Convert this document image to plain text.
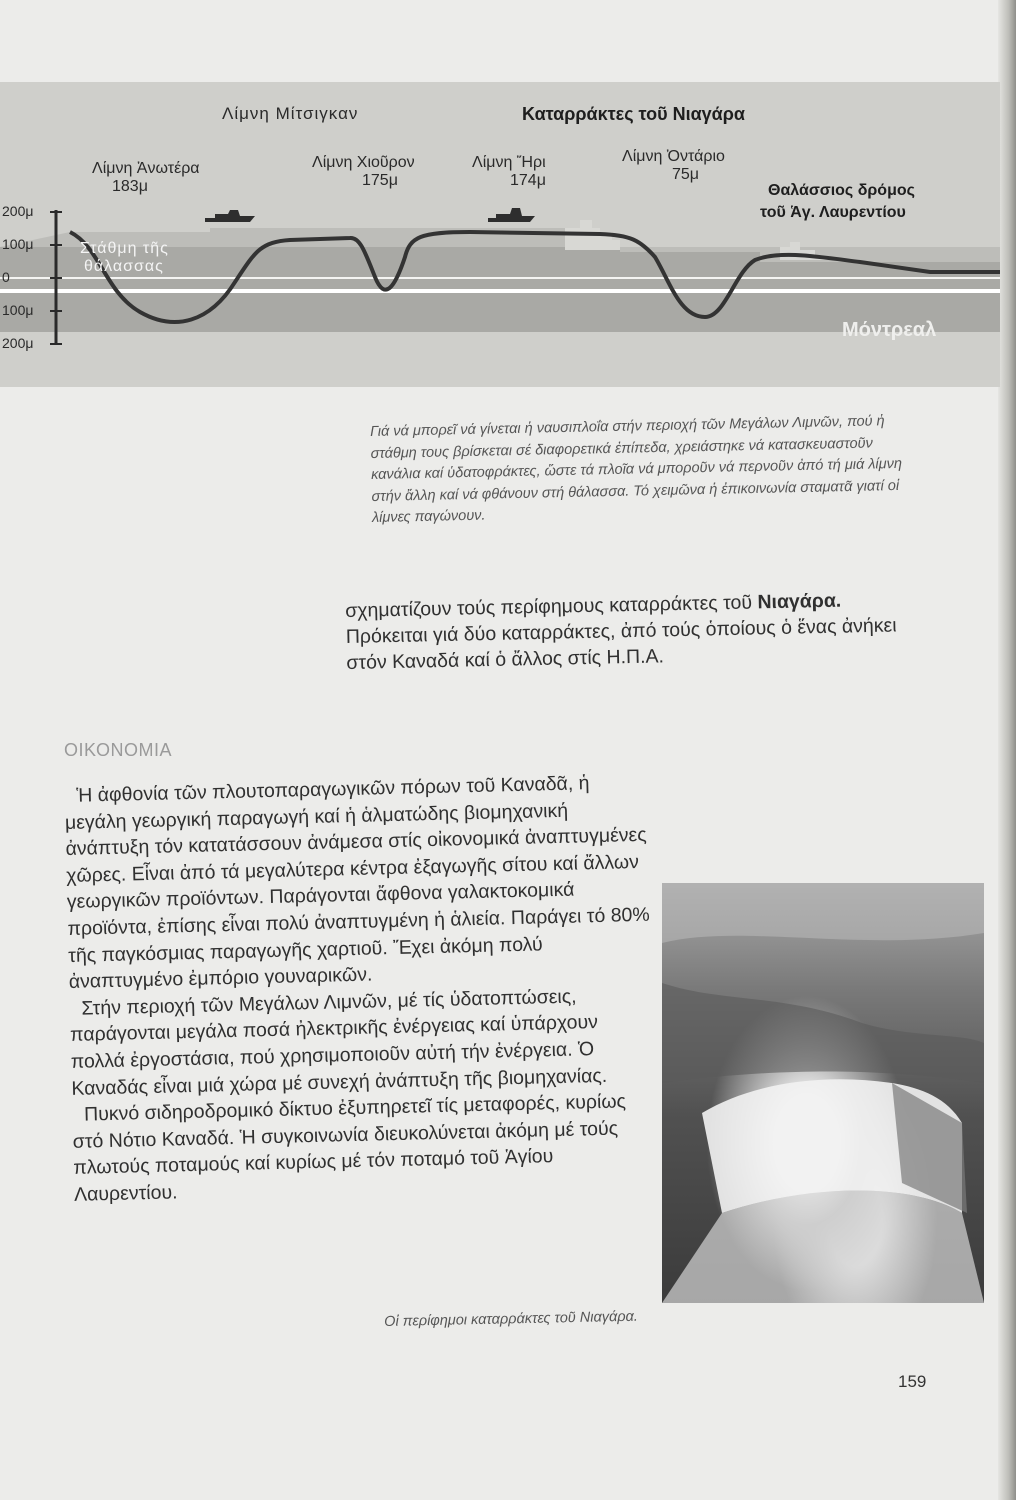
Λίμνη Μίτσιγκαν	Καταρράκτες τοῦ Νιαγάρα
Λίμνη Ἀνωτέρα
183μ
Λίμνη Χιοῦρον
175μ
Λίμνη Ἤρι
174μ
Λίμνη Ὀντάριο
75μ
Θαλάσσιος δρόμος
τοῦ Ἁγ. Λαυρεντίου
Στάθμη τῆς
θάλασσας
Μόντρεαλ
200μ
100μ
0
100μ
200μ
Γιά νά μπορεῖ νά γίνεται ἡ ναυσιπλοΐα στήν περιοχή τῶν Μεγάλων Λιμνῶν, πού ἡ στάθμη τους βρίσκεται σέ διαφορετικά ἐπίπεδα, χρειάστηκε νά κατασκευαστοῦν κανάλια καί ὑδατοφράκτες, ὥστε τά πλοῖα νά μποροῦν νά περνοῦν ἀπό τή μιά λίμνη στήν ἄλλη καί νά φθάνουν στή θάλασσα. Τό χειμῶνα ἡ ἐπικοινωνία σταματᾶ γιατί οἱ λίμνες παγώνουν.
σχηματίζουν τούς περίφημους καταρράκτες τοῦ Νιαγάρα. Πρόκειται γιά δύο καταρράκτες, ἀπό τούς ὁποίους ὁ ἕνας ἀνήκει στόν Καναδά καί ὁ ἄλλος στίς Η.Π.Α.
ΟΙΚΟΝΟΜΙΑ

Ἡ ἀφθονία τῶν πλουτοπαραγωγικῶν πόρων τοῦ Καναδᾶ, ἡ μεγάλη γεωργική παραγωγή καί ἡ ἁλματώδης βιομηχανική ἀνάπτυξη τόν κατατάσσουν ἀνάμεσα στίς οἰκονομικά ἀναπτυγμένες χῶρες. Εἶναι ἀπό τά μεγαλύτερα κέντρα ἐξαγωγῆς σίτου καί ἄλλων γεωργικῶν προϊόντων. Παράγονται ἄφθονα γαλακτοκομικά προϊόντα, ἐπίσης εἶναι πολύ ἀναπτυγμένη ἡ ἁλιεία. Παράγει τό 80% τῆς παγκόσμιας παραγωγῆς χαρτιοῦ. Ἔχει ἀκόμη πολύ ἀναπτυγμένο ἐμπόριο γουναρικῶν.

Στήν περιοχή τῶν Μεγάλων Λιμνῶν, μέ τίς ὑδατοπτώσεις, παράγονται μεγάλα ποσά ἠλεκτρικῆς ἐνέργειας καί ὑπάρχουν πολλά ἐργοστάσια, πού χρησιμοποιοῦν αὐτή τήν ἐνέργεια. Ὁ Καναδάς εἶναι μιά χώρα μέ συνεχή ἀνάπτυξη τῆς βιομηχανίας.

Πυκνό σιδηροδρομικό δίκτυο ἐξυπηρετεῖ τίς μεταφορές, κυρίως στό Νότιο Καναδά. Ἡ συγκοινωνία διευκολύνεται ἀκόμη μέ τούς πλωτούς ποταμούς καί κυρίως μέ τόν ποταμό τοῦ Ἁγίου Λαυρεντίου.

Οἱ περίφημοι καταρράκτες τοῦ Νιαγάρα.
159
